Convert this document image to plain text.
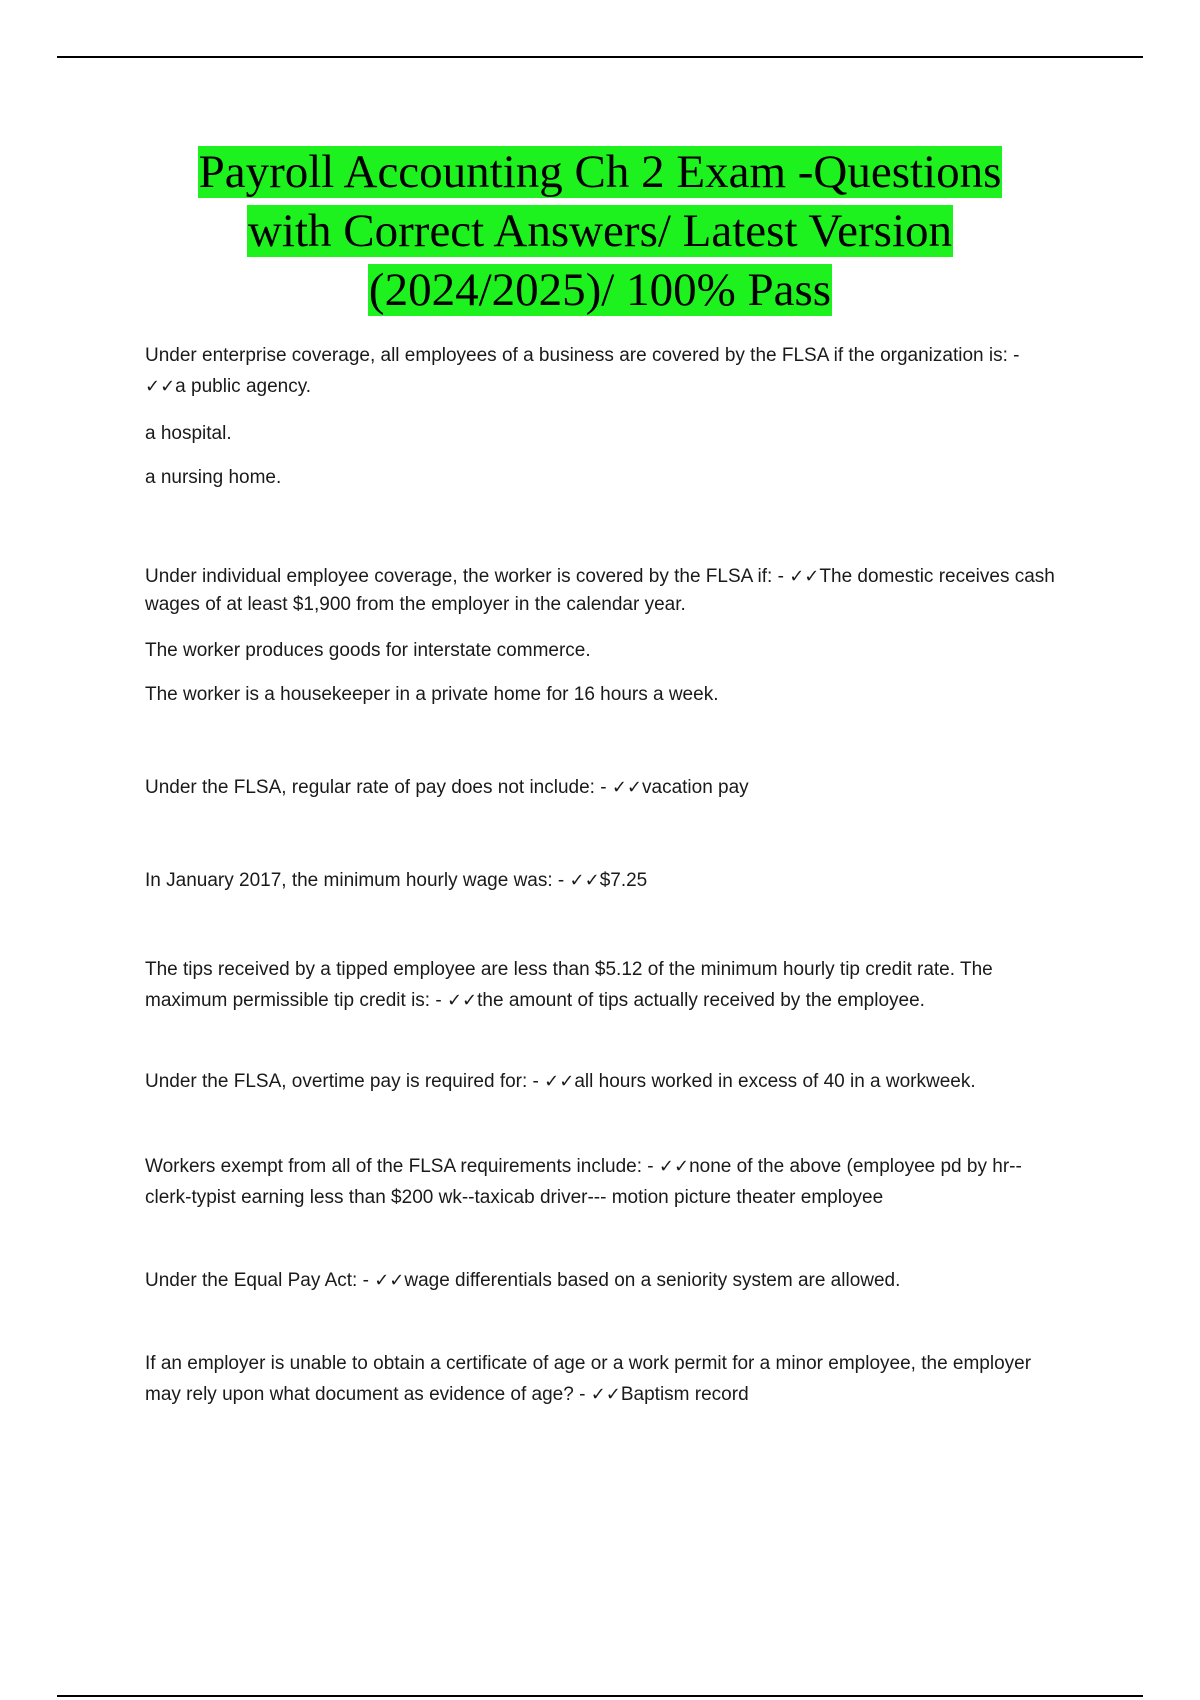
Payroll Accounting Ch 2 Exam -Questions
with Correct Answers/ Latest Version
(2024/2025)/ 100% Pass

Under enterprise coverage, all employees of a business are covered by the FLSA if the organization is: - ✓✓a public agency.

a hospital.

a nursing home.

Under individual employee coverage, the worker is covered by the FLSA if: - ✓✓The domestic receives cash wages of at least $1,900 from the employer in the calendar year.

The worker produces goods for interstate commerce.

The worker is a housekeeper in a private home for 16 hours a week.

Under the FLSA, regular rate of pay does not include: - ✓✓vacation pay

In January 2017, the minimum hourly wage was: - ✓✓$7.25

The tips received by a tipped employee are less than $5.12 of the minimum hourly tip credit rate. The maximum permissible tip credit is: - ✓✓the amount of tips actually received by the employee.

Under the FLSA, overtime pay is required for: - ✓✓all hours worked in excess of 40 in a workweek.

Workers exempt from all of the FLSA requirements include: - ✓✓none of the above (employee pd by hr--clerk-typist earning less than $200 wk--taxicab driver--- motion picture theater employee

Under the Equal Pay Act: - ✓✓wage differentials based on a seniority system are allowed.

If an employer is unable to obtain a certificate of age or a work permit for a minor employee, the employer may rely upon what document as evidence of age? - ✓✓Baptism record
